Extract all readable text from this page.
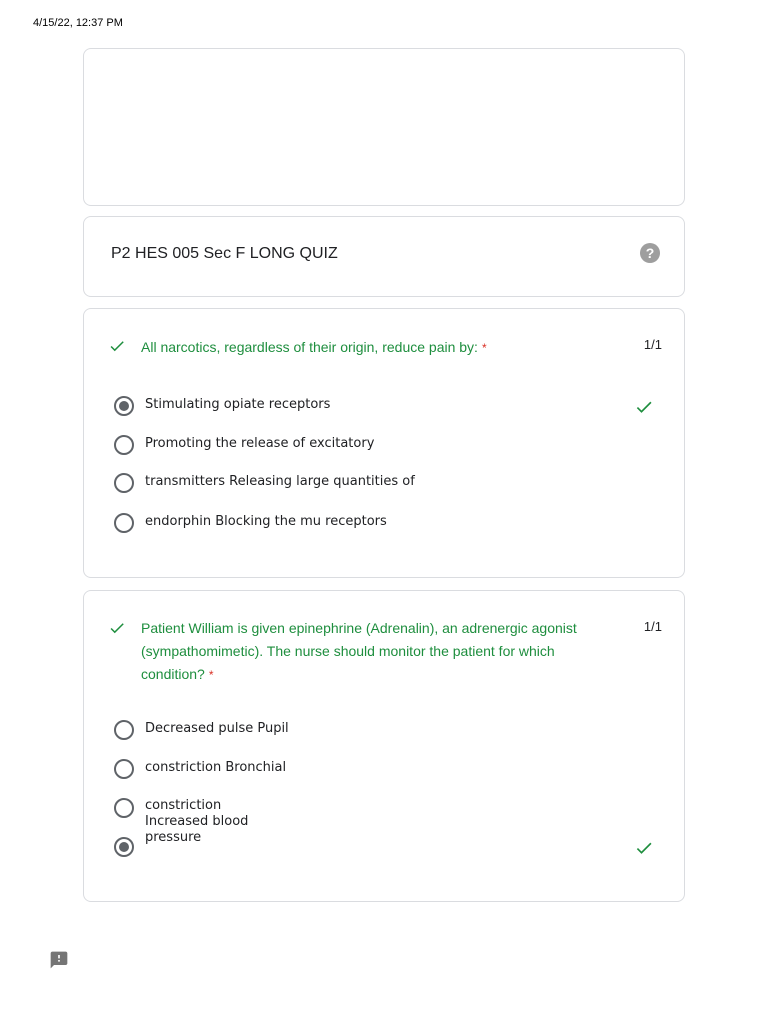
4/15/22, 12:37 PM
P2 HES 005 Sec F LONG QUIZ	?
All narcotics, regardless of their origin, reduce pain by: *	1/1
Stimulating opiate receptors
Promoting the release of excitatory
transmitters Releasing large quantities of
endorphin Blocking the mu receptors
Patient William is given epinephrine (Adrenalin), an adrenergic agonist (sympathomimetic). The nurse should monitor the patient for which condition? *
1/1
Decreased pulse Pupil
constriction Bronchial
constriction
Increased blood
pressure
